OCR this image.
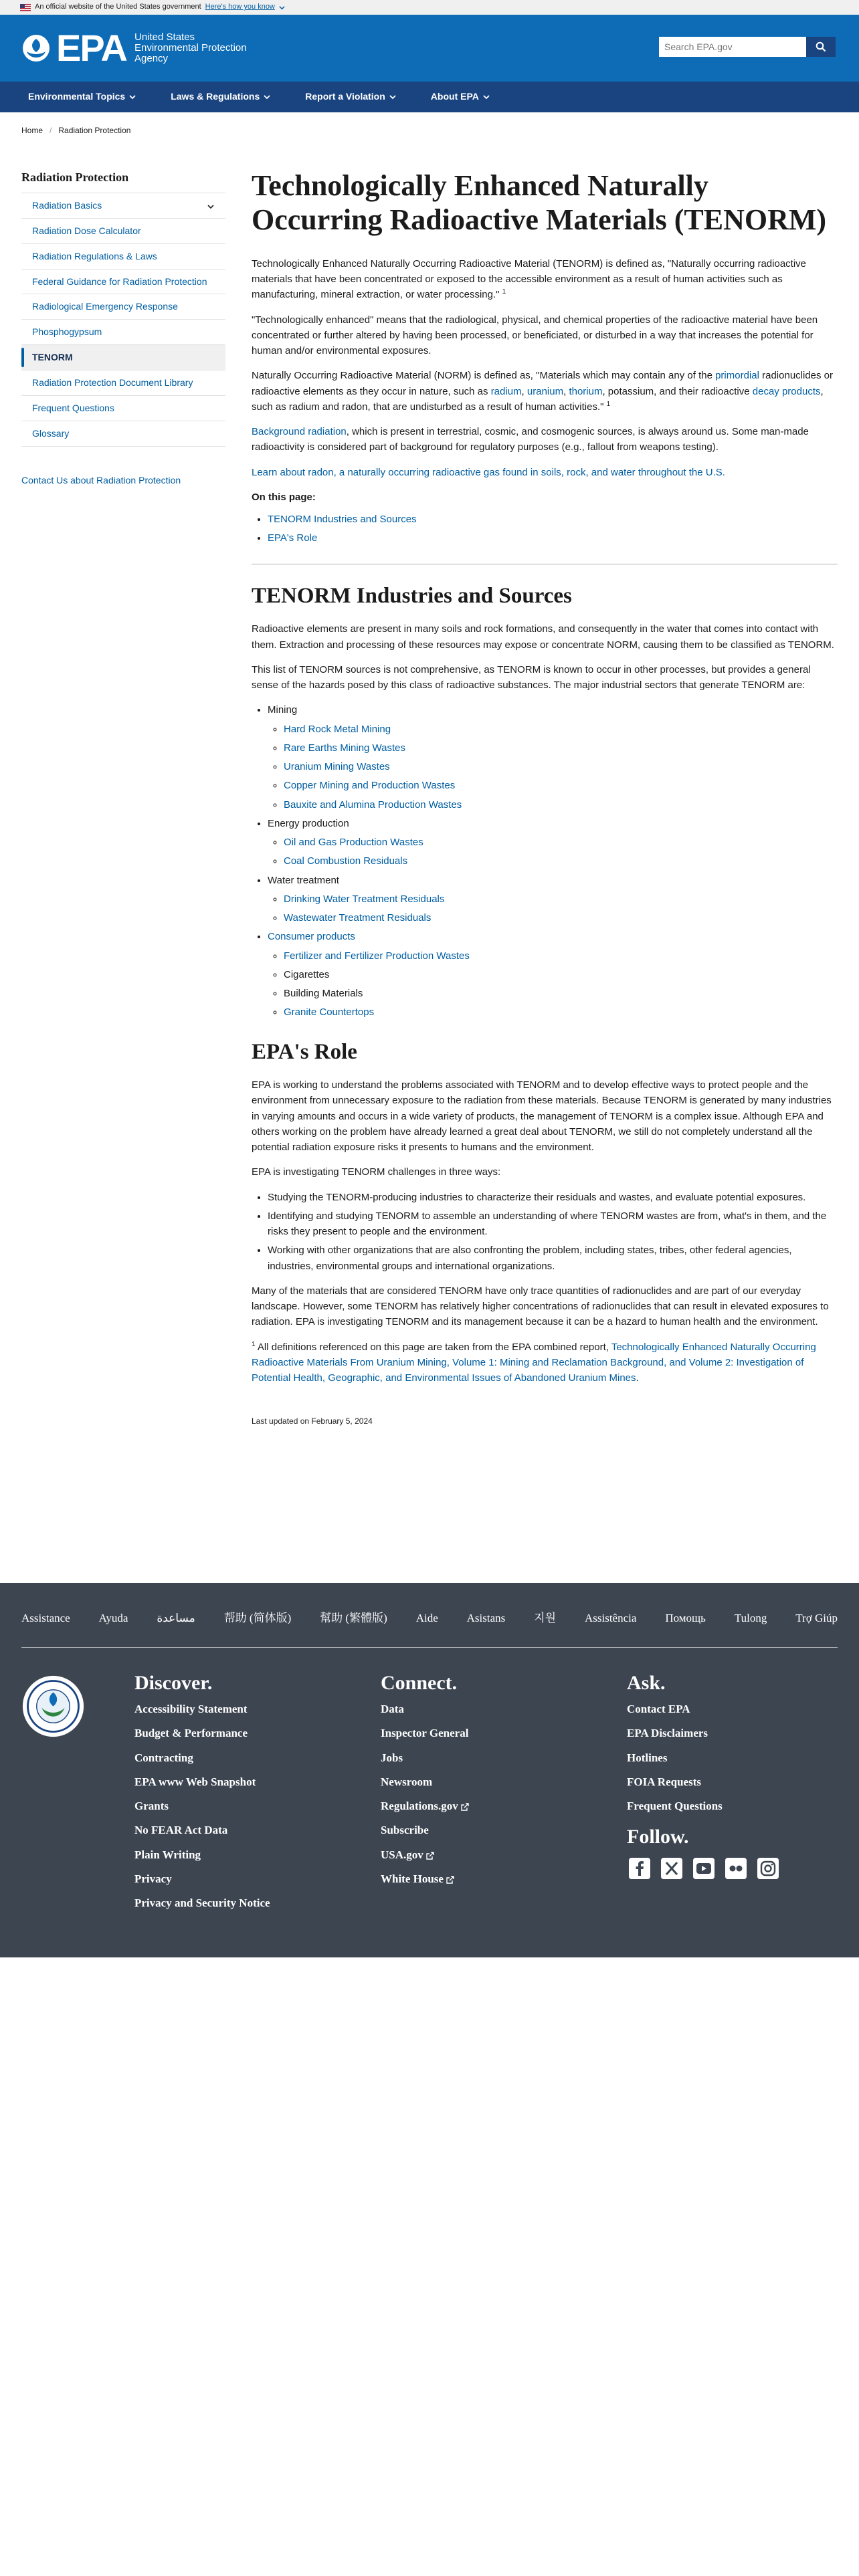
An official website of the United States government Here's how you know
EPA United States
Environmental Protection
Agency
Search EPA.gov
Environmental Topics	Laws & Regulations	Report a Violation	About EPA
Home / Radiation Protection
Radiation Protection
Radiation Basics
Radiation Dose Calculator
Radiation Regulations & Laws
Federal Guidance for Radiation Protection
Radiological Emergency Response
Phosphogypsum
TENORM
Radiation Protection Document Library
Frequent Questions
Glossary
Contact Us about Radiation Protection
Technologically Enhanced Naturally Occurring Radioactive Materials (TENORM)

Technologically Enhanced Naturally Occurring Radioactive Material (TENORM) is defined as, "Naturally occurring radioactive materials that have been concentrated or exposed to the accessible environment as a result of human activities such as manufacturing, mineral extraction, or water processing." $^1$

"Technologically enhanced" means that the radiological, physical, and chemical properties of the radioactive material have been concentrated or further altered by having been processed, or beneficiated, or disturbed in a way that increases the potential for human and/or environmental exposures.

Naturally Occurring Radioactive Material (NORM) is defined as, "Materials which may contain any of the primordial radionuclides or radioactive elements as they occur in nature, such as radium, uranium, thorium, potassium, and their radioactive decay products, such as radium and radon, that are undisturbed as a result of human activities." $^1$

Background radiation, which is present in terrestrial, cosmic, and cosmogenic sources, is always around us. Some man-made radioactivity is considered part of background for regulatory purposes (e.g., fallout from weapons testing).

Learn about radon, a naturally occurring radioactive gas found in soils, rock, and water throughout the U.S.

On this page:
• TENORM Industries and Sources
• EPA's Role
TENORM Industries and Sources

Radioactive elements are present in many soils and rock formations, and consequently in the water that comes into contact with them. Extraction and processing of these resources may expose or concentrate NORM, causing them to be classified as TENORM.

This list of TENORM sources is not comprehensive, as TENORM is known to occur in other processes, but provides a general sense of the hazards posed by this class of radioactive substances. The major industrial sectors that generate TENORM are:

• Mining
◦ Hard Rock Metal Mining
◦ Rare Earths Mining Wastes
◦ Uranium Mining Wastes
◦ Copper Mining and Production Wastes
◦ Bauxite and Alumina Production Wastes
• Energy production
◦ Oil and Gas Production Wastes
◦ Coal Combustion Residuals
• Water treatment
◦ Drinking Water Treatment Residuals
◦ Wastewater Treatment Residuals
• Consumer products
◦ Fertilizer and Fertilizer Production Wastes
◦ Cigarettes
◦ Building Materials
◦ Granite Countertops
EPA's Role

EPA is working to understand the problems associated with TENORM and to develop effective ways to protect people and the environment from unnecessary exposure to the radiation from these materials. Because TENORM is generated by many industries in varying amounts and occurs in a wide variety of products, the management of TENORM is a complex issue. Although EPA and others working on the problem have already learned a great deal about TENORM, we still do not completely understand all the potential radiation exposure risks it presents to humans and the environment.

EPA is investigating TENORM challenges in three ways:

• Studying the TENORM-producing industries to characterize their residuals and wastes, and evaluate potential exposures.
• Identifying and studying TENORM to assemble an understanding of where TENORM wastes are from, what's in them, and the risks they present to people and the environment.
• Working with other organizations that are also confronting the problem, including states, tribes, other federal agencies, industries, environmental groups and international organizations.

Many of the materials that are considered TENORM have only trace quantities of radionuclides and are part of our everyday landscape. However, some TENORM has relatively higher concentrations of radionuclides that can result in elevated exposures to radiation. EPA is investigating TENORM and its management because it can be a hazard to human health and the environment.

$^1$ All definitions referenced on this page are taken from the EPA combined report, Technologically Enhanced Naturally Occurring Radioactive Materials From Uranium Mining, Volume 1: Mining and Reclamation Background, and Volume 2: Investigation of Potential Health, Geographic, and Environmental Issues of Abandoned Uranium Mines.

Last updated on February 5, 2024
Assistance	Ayuda	مساعدة	帮助 (简体版)	幫助 (繁體版)	Aide	Asistans	지원	Assistência	Помощь	Tulong	Trợ Giúp
Discover.
Accessibility Statement
Budget & Performance
Contracting
EPA www Web Snapshot
Grants
No FEAR Act Data
Plain Writing
Privacy
Privacy and Security Notice
Connect.
Data
Inspector General
Jobs
Newsroom
Regulations.gov
Subscribe
USA.gov
White House
Ask.
Contact EPA
EPA Disclaimers
Hotlines
FOIA Requests
Frequent Questions
Follow.
